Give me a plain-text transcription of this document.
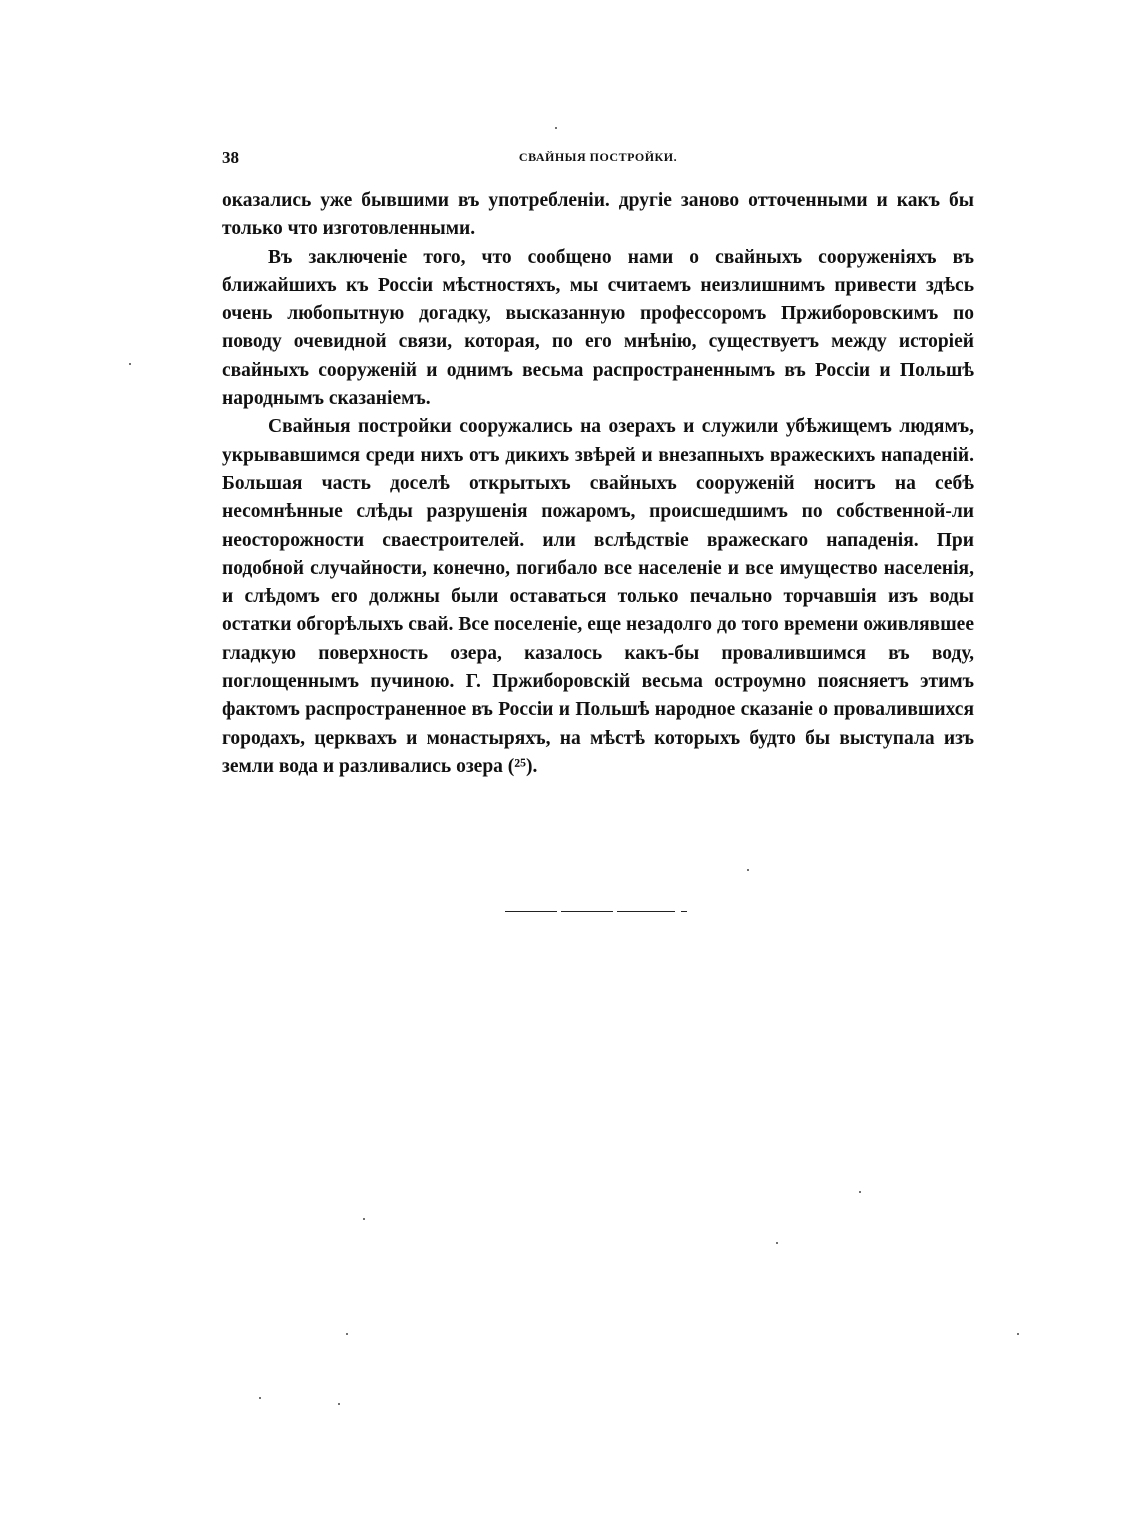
38	СВАЙНЫЯ ПОСТРОЙКИ.

оказались уже бывшими въ употребленіи. другіе заново отточенными и какъ бы только что изготовленными.

Въ заключеніе того, что сообщено нами о свайныхъ сооруженіяхъ въ ближайшихъ къ Россіи мѣстностяхъ, мы считаемъ неизлишнимъ привести здѣсь очень любопытную догадку, высказанную профессоромъ Пржиборовскимъ по поводу очевидной связи, которая, по его мнѣнію, существуетъ между исторіей свайныхъ сооруженій и однимъ весьма распространеннымъ въ Россіи и Польшѣ народнымъ сказаніемъ.

Свайныя постройки сооружались на озерахъ и служили убѣжищемъ людямъ, укрывавшимся среди нихъ отъ дикихъ звѣрей и внезапныхъ вражескихъ нападеній. Большая часть доселѣ открытыхъ свайныхъ сооруженій носитъ на себѣ несомнѣнные слѣды разрушенія пожаромъ, происшедшимъ по собственной-ли неосторожности сваестроителей. или вслѣдствіе вражескаго нападенія. При подобной случайности, конечно, погибало все населеніе и все имущество населенія, и слѣдомъ его должны были оставаться только печально торчавшія изъ воды остатки обгорѣлыхъ свай. Все поселеніе, еще незадолго до того времени оживлявшее гладкую поверхность озера, казалось какъ-бы провалившимся въ воду, поглощеннымъ пучиною. Г. Пржиборовскій весьма остроумно поясняетъ этимъ фактомъ распространенное въ Россіи и Польшѣ народное сказаніе о провалившихся городахъ, церквахъ и монастыряхъ, на мѣстѣ которыхъ будто бы выступала изъ земли вода и разливались озера (²⁵).
